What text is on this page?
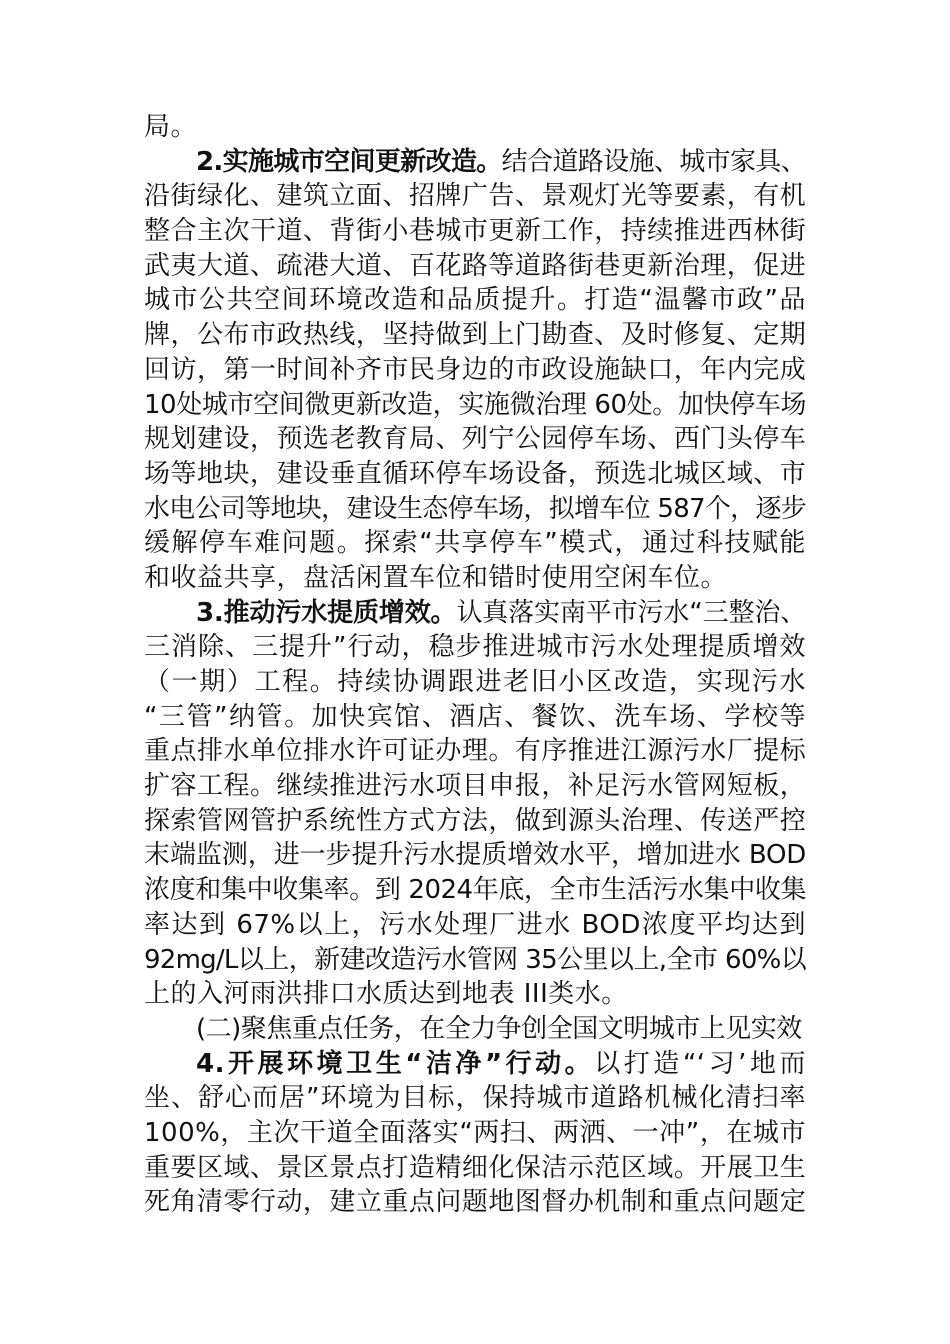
局。
2.实施城市空间更新改造。结合道路设施、城市家具、
沿街绿化、建筑立面、招牌广告、景观灯光等要素，有机
整合主次干道、背街小巷城市更新工作，持续推进西林街
武夷大道、疏港大道、百花路等道路街巷更新治理，促进
城市公共空间环境改造和品质提升。打造“温馨市政”品
牌，公布市政热线，坚持做到上门勘查、及时修复、定期
回访，第一时间补齐市民身边的市政设施缺口，年内完成
10处城市空间微更新改造，实施微治理 60处。加快停车场
规划建设，预选老教育局、列宁公园停车场、西门头停车
场等地块，建设垂直循环停车场设备，预选北城区域、市
水电公司等地块，建设生态停车场，拟增车位 587个，逐步
缓解停车难问题。探索“共享停车”模式，通过科技赋能
和收益共享，盘活闲置车位和错时使用空闲车位。
3.推动污水提质增效。认真落实南平市污水“三整治、
三消除、三提升”行动，稳步推进城市污水处理提质增效
（一期）工程。持续协调跟进老旧小区改造，实现污水
“三管”纳管。加快宾馆、酒店、餐饮、洗车场、学校等
重点排水单位排水许可证办理。有序推进江源污水厂提标
扩容工程。继续推进污水项目申报，补足污水管网短板，
探索管网管护系统性方式方法，做到源头治理、传送严控
末端监测，进一步提升污水提质增效水平，增加进水 BOD
浓度和集中收集率。到 2024年底，全市生活污水集中收集
率达到 67%以上，污水处理厂进水 BOD浓度平均达到
92mg/L以上，新建改造污水管网 35公里以上,全市 60%以
上的入河雨洪排口水质达到地表 III类水。
(二)聚焦重点任务，在全力争创全国文明城市上见实效
4.开展环境卫生“洁净”行动。以打造“‘习’地而
坐、舒心而居”环境为目标，保持城市道路机械化清扫率
100%，主次干道全面落实“两扫、两洒、一冲”，在城市
重要区域、景区景点打造精细化保洁示范区域。开展卫生
死角清零行动，建立重点问题地图督办机制和重点问题定
